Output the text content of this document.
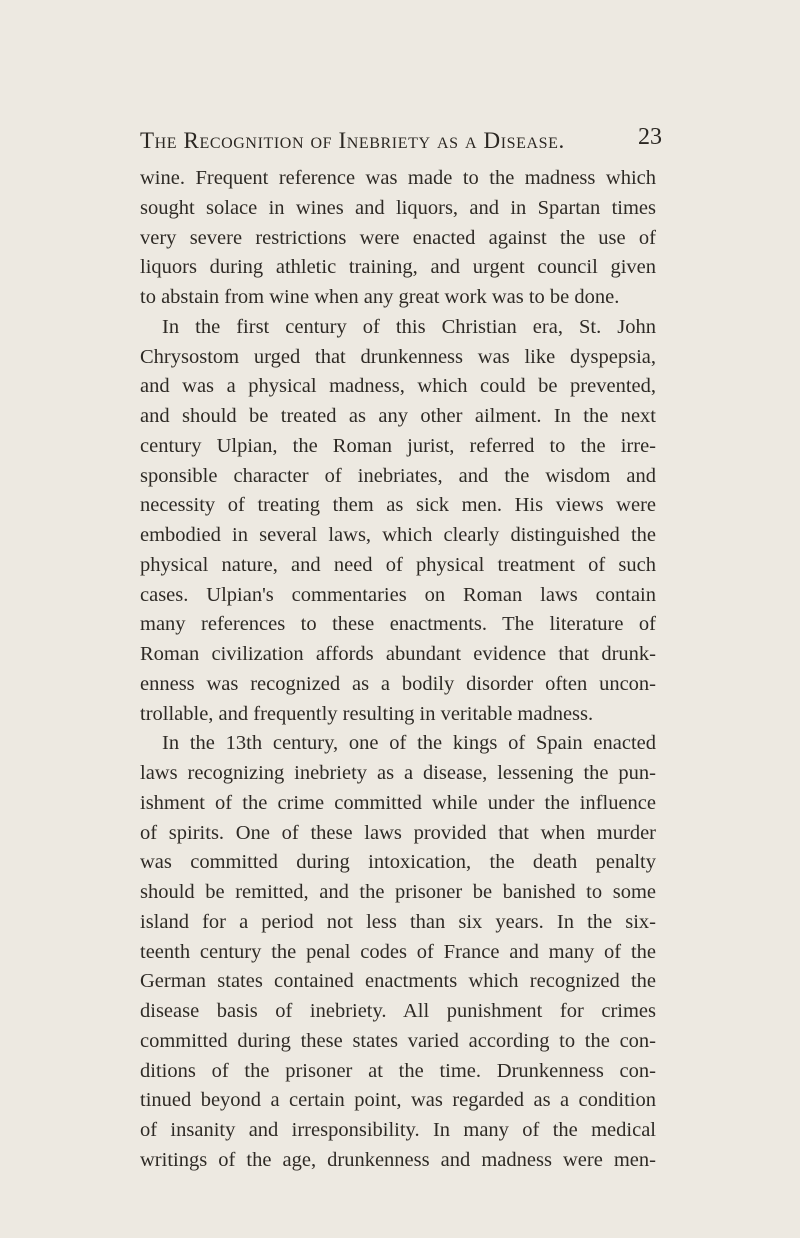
The Recognition of Inebriety as a Disease.	23
wine. Frequent reference was made to the madness which
sought solace in wines and liquors, and in Spartan times
very severe restrictions were enacted against the use of
liquors during athletic training, and urgent council given
to abstain from wine when any great work was to be done.
In the first century of this Christian era, St. John
Chrysostom urged that drunkenness was like dyspepsia,
and was a physical madness, which could be prevented,
and should be treated as any other ailment. In the next
century Ulpian, the Roman jurist, referred to the irre-
sponsible character of inebriates, and the wisdom and
necessity of treating them as sick men. His views were
embodied in several laws, which clearly distinguished the
physical nature, and need of physical treatment of such
cases. Ulpian's commentaries on Roman laws contain
many references to these enactments. The literature of
Roman civilization affords abundant evidence that drunk-
enness was recognized as a bodily disorder often uncon-
trollable, and frequently resulting in veritable madness.
In the 13th century, one of the kings of Spain enacted
laws recognizing inebriety as a disease, lessening the pun-
ishment of the crime committed while under the influence
of spirits. One of these laws provided that when murder
was committed during intoxication, the death penalty
should be remitted, and the prisoner be banished to some
island for a period not less than six years. In the six-
teenth century the penal codes of France and many of the
German states contained enactments which recognized the
disease basis of inebriety. All punishment for crimes
committed during these states varied according to the con-
ditions of the prisoner at the time. Drunkenness con-
tinued beyond a certain point, was regarded as a condition
of insanity and irresponsibility. In many of the medical
writings of the age, drunkenness and madness were men-
